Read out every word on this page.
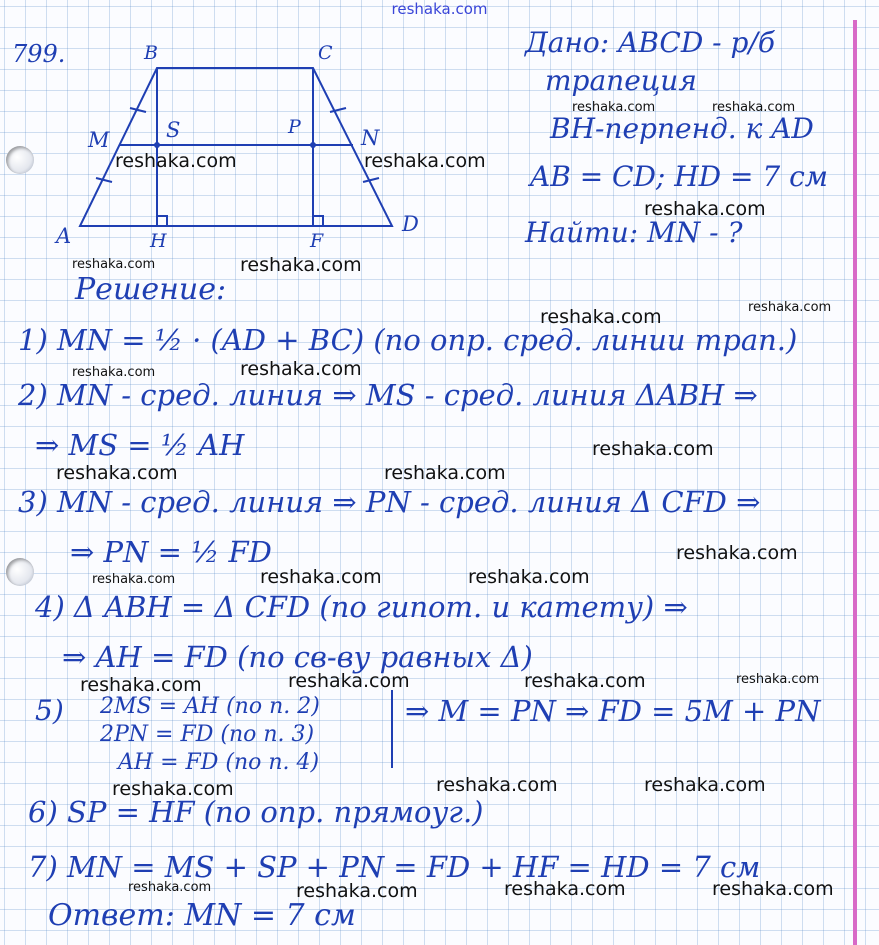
reshaka.com
799.	B	C
M	S	P	N
A	H	F
D
Дано: ABCD - р/б
трапеция
BH-перпенд. к AD
AB = CD; HD = 7 см
Найти: MN - ?
Решение:
1) MN = ½ · (AD + BC) (по опр. сред. линии трап.)
2) MN - сред. линия ⇒ MS - сред. линия ΔABH ⇒
⇒ MS = ½ AH
3) MN - сред. линия ⇒ PN - сред. линия Δ CFD ⇒
⇒ PN = ½ FD
4) Δ ABH = Δ CFD (по гипот. и катету) ⇒
⇒ AH = FD (по св-ву равных Δ)
5) 2MS = AH (по п. 2)
2PN = FD (по п. 3)
AH = FD (по п. 4)
⇒ M = PN ⇒ FD = 5M + PN
6) SP = HF (по опр. прямоуг.)
7) MN = MS + SP + PN = FD + HF = HD = 7 см
Ответ: MN = 7 см
reshaka.com	reshaka.com
reshaka.com	reshaka.com
reshaka.com
reshaka.com	reshaka.com
reshaka.com	reshaka.com
reshaka.com	reshaka.com
reshaka.com
reshaka.com	reshaka.com
reshaka.com
reshaka.com	reshaka.com	reshaka.com
reshaka.com	reshaka.com	reshaka.com	reshaka.com
reshaka.com	reshaka.com	reshaka.com
reshaka.com	reshaka.com	reshaka.com	reshaka.com
